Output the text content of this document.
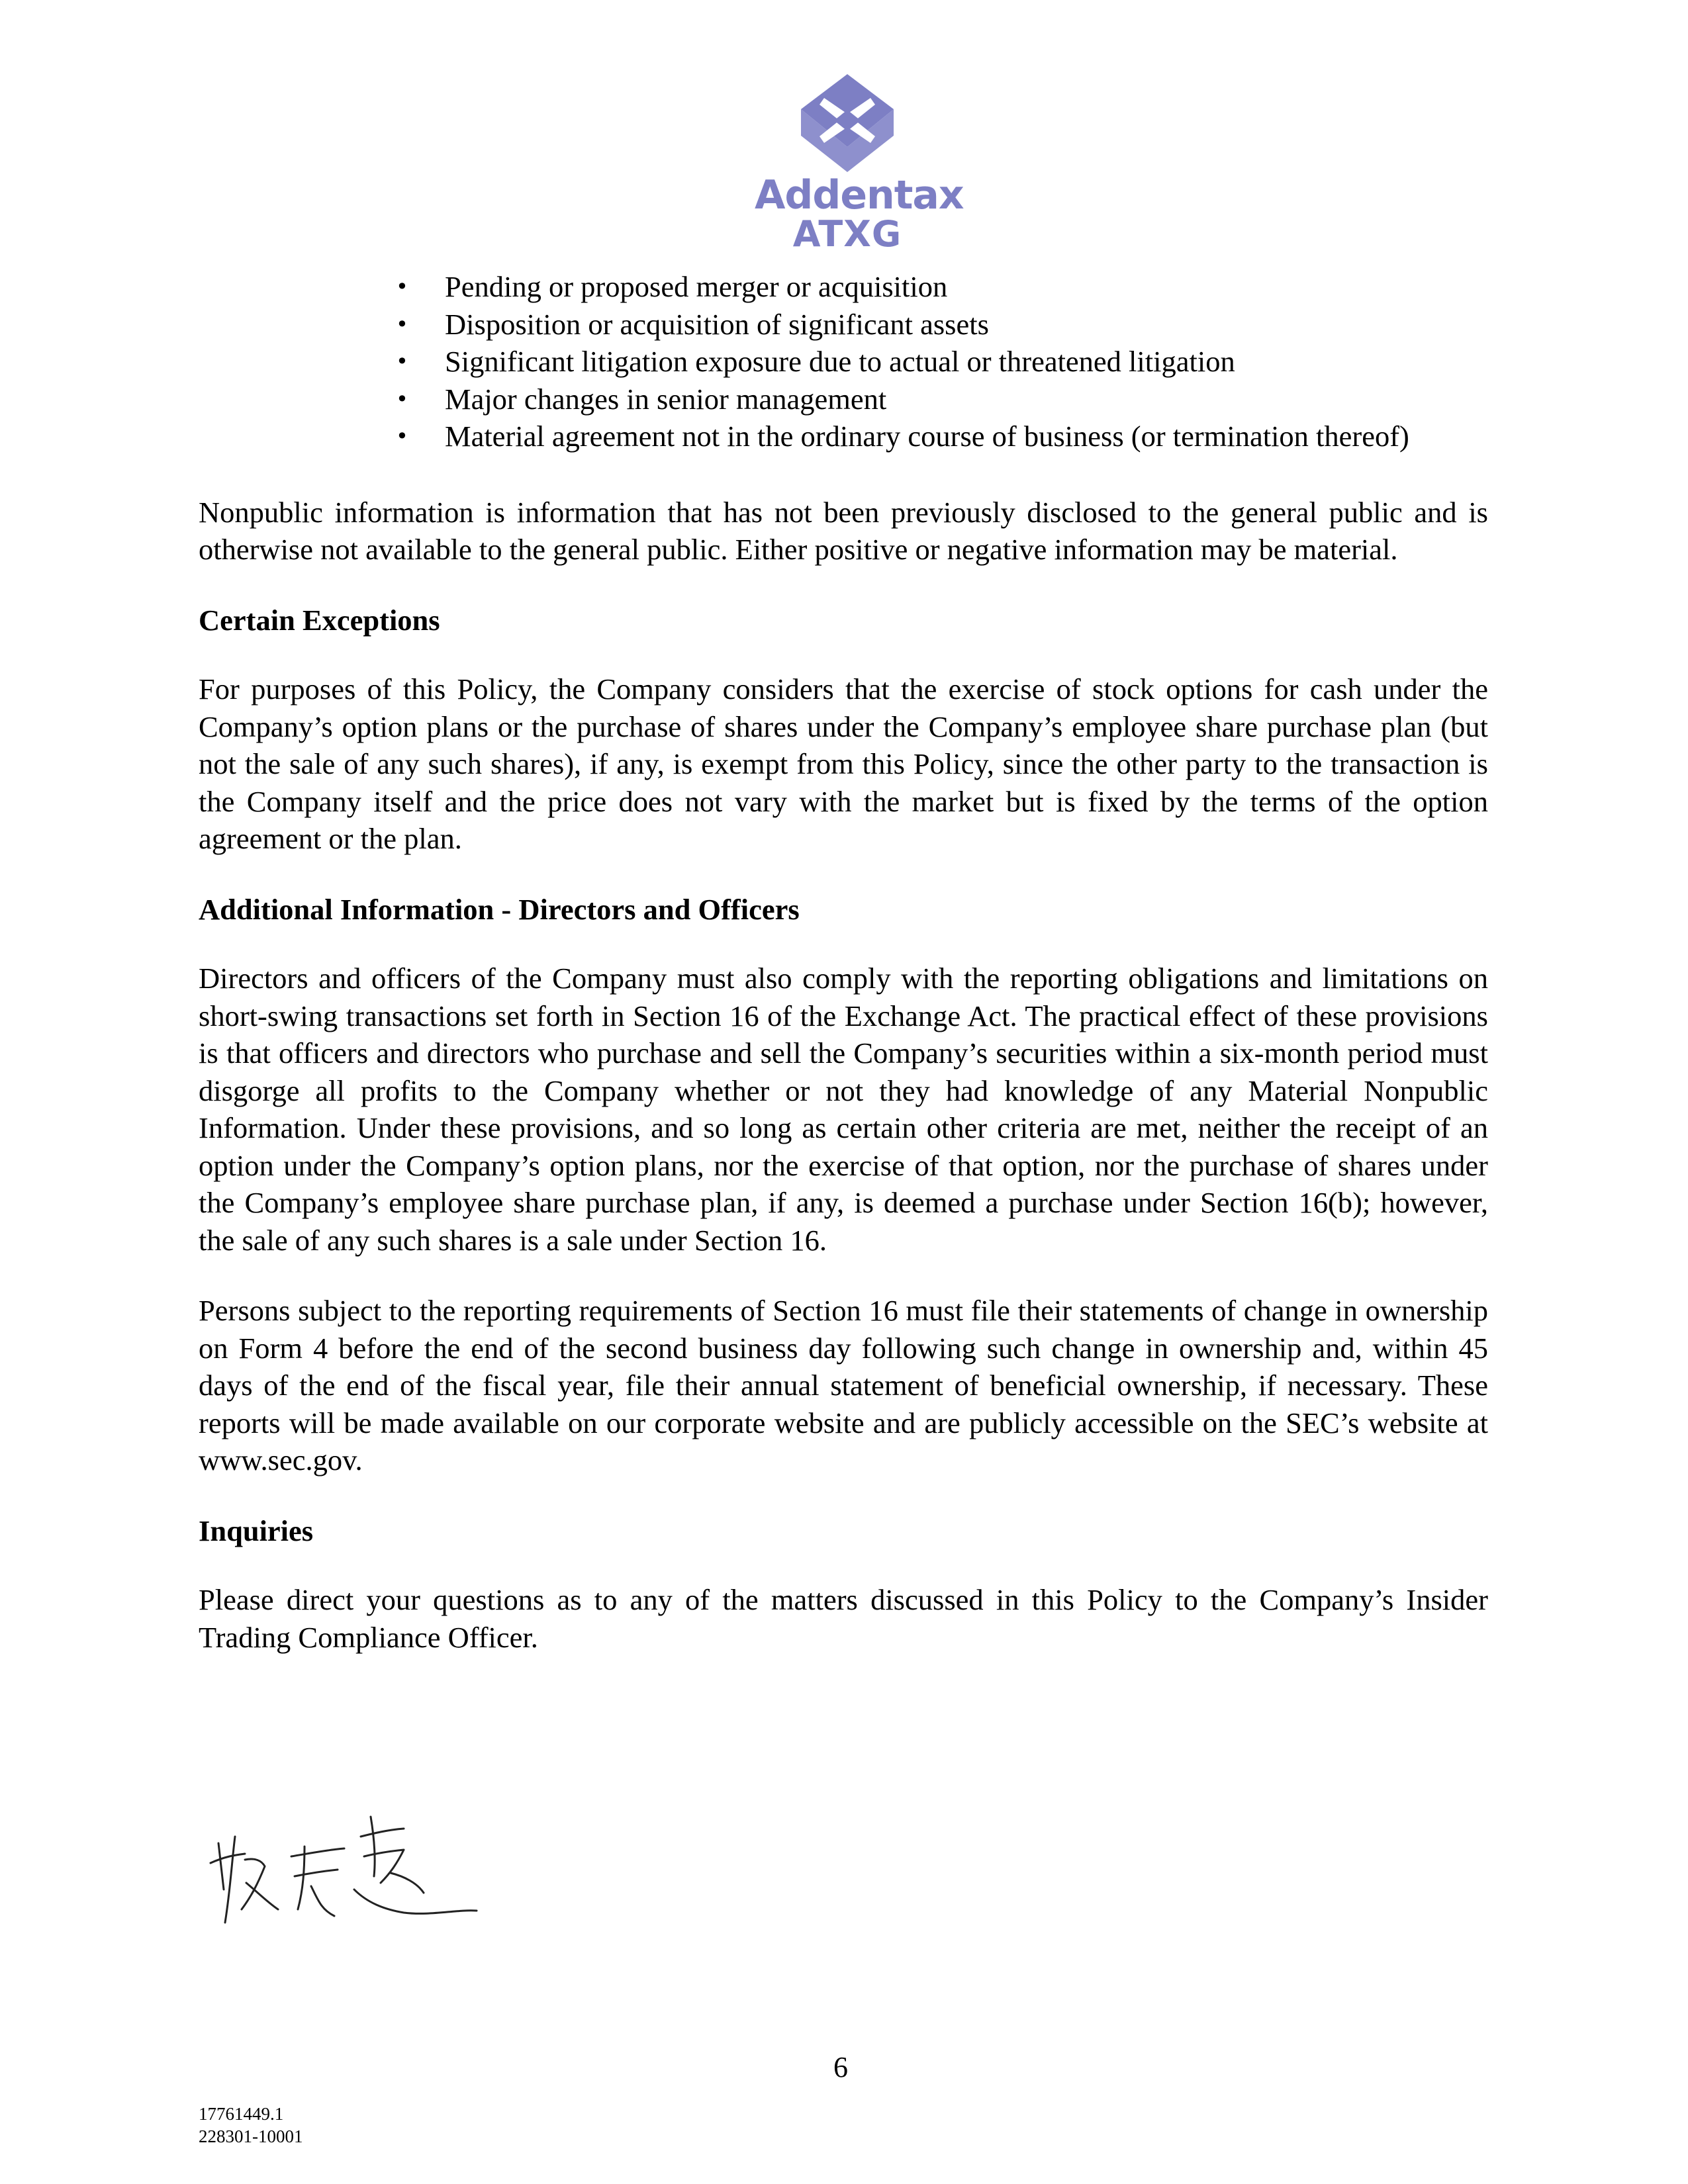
Addentax
ATXG
• Pending or proposed merger or acquisition
• Disposition or acquisition of significant assets
• Significant litigation exposure due to actual or threatened litigation
• Major changes in senior management
• Material agreement not in the ordinary course of business (or termination thereof)

Nonpublic information is information that has not been previously disclosed to the general public and is otherwise not available to the general public. Either positive or negative information may be material.

Certain Exceptions

For purposes of this Policy, the Company considers that the exercise of stock options for cash under the Company’s option plans or the purchase of shares under the Company’s employee share purchase plan (but not the sale of any such shares), if any, is exempt from this Policy, since the other party to the transaction is the Company itself and the price does not vary with the market but is fixed by the terms of the option agreement or the plan.

Additional Information - Directors and Officers

Directors and officers of the Company must also comply with the reporting obligations and limitations on short-swing transactions set forth in Section 16 of the Exchange Act. The practical effect of these provisions is that officers and directors who purchase and sell the Company’s securities within a six-month period must disgorge all profits to the Company whether or not they had knowledge of any Material Nonpublic Information. Under these provisions, and so long as certain other criteria are met, neither the receipt of an option under the Company’s option plans, nor the exercise of that option, nor the purchase of shares under the Company’s employee share purchase plan, if any, is deemed a purchase under Section 16(b); however, the sale of any such shares is a sale under Section 16.

Persons subject to the reporting requirements of Section 16 must file their statements of change in ownership on Form 4 before the end of the second business day following such change in ownership and, within 45 days of the end of the fiscal year, file their annual statement of beneficial ownership, if necessary. These reports will be made available on our corporate website and are publicly accessible on the SEC’s website at www.sec.gov.

Inquiries

Please direct your questions as to any of the matters discussed in this Policy to the Company’s Insider Trading Compliance Officer.

6
17761449.1
228301-10001
